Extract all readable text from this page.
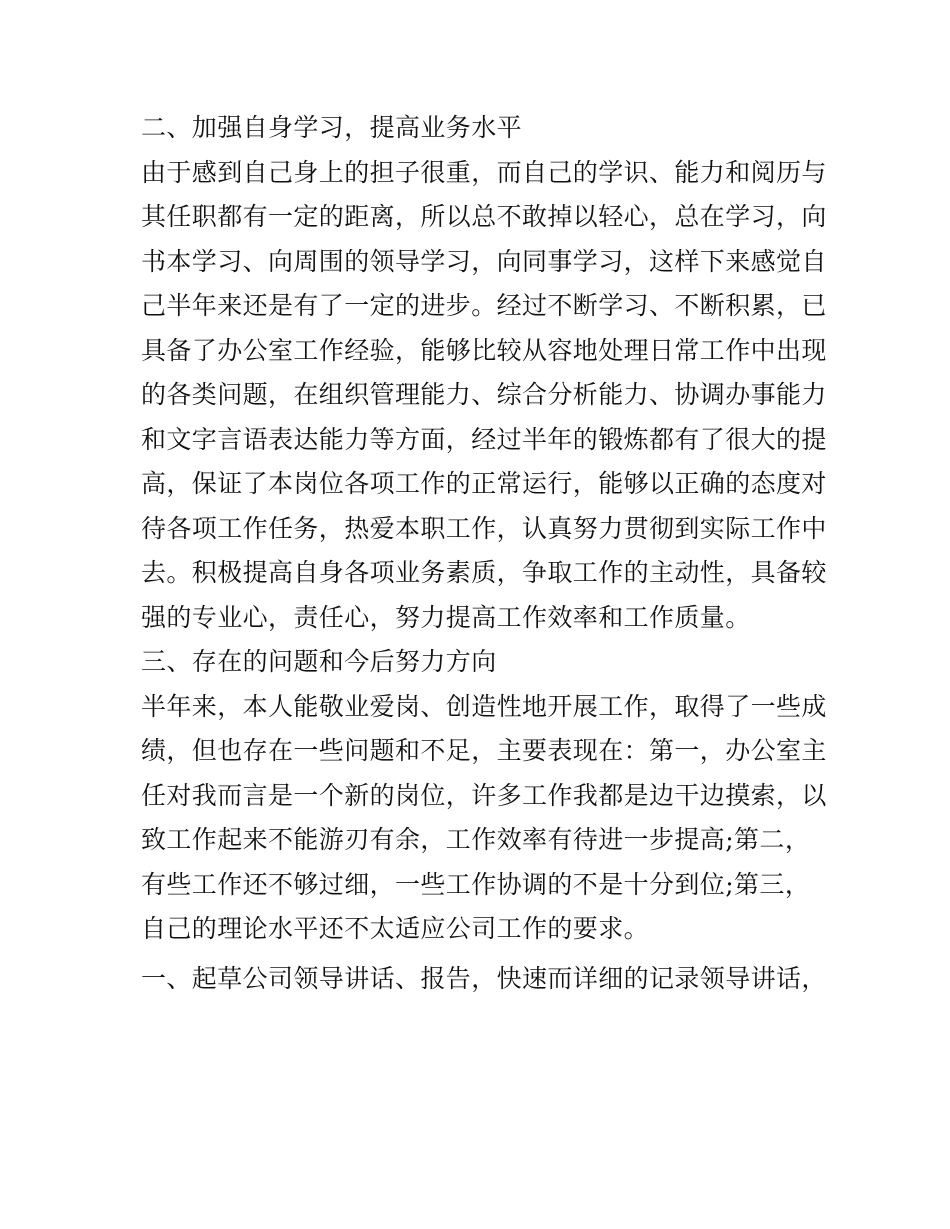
二、加强自身学习，提高业务水平
由于感到自己身上的担子很重，而自己的学识、能力和阅历与
其任职都有一定的距离，所以总不敢掉以轻心，总在学习，向
书本学习、向周围的领导学习，向同事学习，这样下来感觉自
己半年来还是有了一定的进步。经过不断学习、不断积累，已
具备了办公室工作经验，能够比较从容地处理日常工作中出现
的各类问题，在组织管理能力、综合分析能力、协调办事能力
和文字言语表达能力等方面，经过半年的锻炼都有了很大的提
高，保证了本岗位各项工作的正常运行，能够以正确的态度对
待各项工作任务，热爱本职工作，认真努力贯彻到实际工作中
去。积极提高自身各项业务素质，争取工作的主动性，具备较
强的专业心，责任心，努力提高工作效率和工作质量。
三、存在的问题和今后努力方向
半年来，本人能敬业爱岗、创造性地开展工作，取得了一些成
绩，但也存在一些问题和不足，主要表现在：第一，办公室主
任对我而言是一个新的岗位，许多工作我都是边干边摸索，以
致工作起来不能游刃有余，工作效率有待进一步提高;第二，
有些工作还不够过细，一些工作协调的不是十分到位;第三，
自己的理论水平还不太适应公司工作的要求。
一、起草公司领导讲话、报告，快速而详细的记录领导讲话，
